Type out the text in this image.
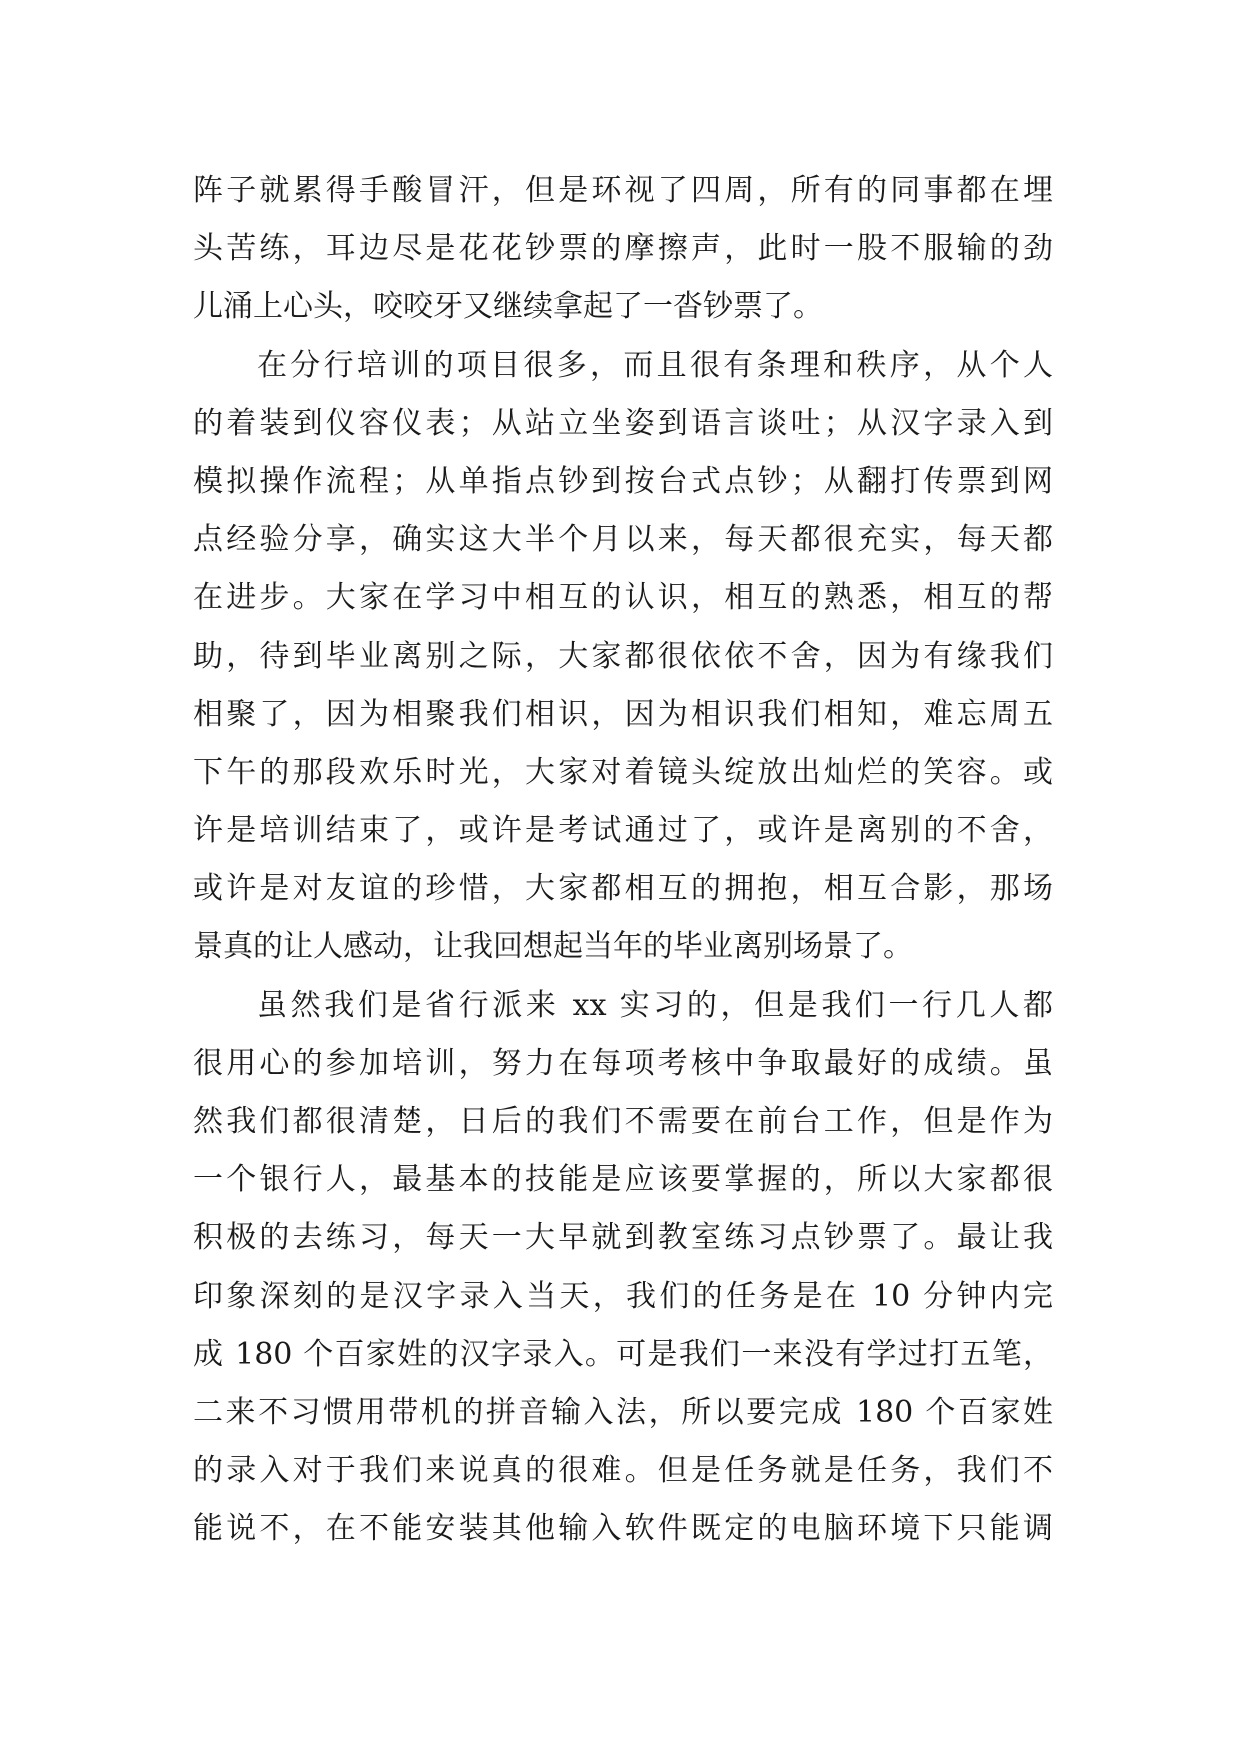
阵子就累得手酸冒汗，但是环视了四周，所有的同事都在埋
头苦练，耳边尽是花花钞票的摩擦声，此时一股不服输的劲
儿涌上心头，咬咬牙又继续拿起了一沓钞票了。
在分行培训的项目很多，而且很有条理和秩序，从个人
的着装到仪容仪表；从站立坐姿到语言谈吐；从汉字录入到
模拟操作流程；从单指点钞到按台式点钞；从翻打传票到网
点经验分享，确实这大半个月以来，每天都很充实，每天都
在进步。大家在学习中相互的认识，相互的熟悉，相互的帮
助，待到毕业离别之际，大家都很依依不舍，因为有缘我们
相聚了，因为相聚我们相识，因为相识我们相知，难忘周五
下午的那段欢乐时光，大家对着镜头绽放出灿烂的笑容。或
许是培训结束了，或许是考试通过了，或许是离别的不舍，
或许是对友谊的珍惜，大家都相互的拥抱，相互合影，那场
景真的让人感动，让我回想起当年的毕业离别场景了。
虽然我们是省行派来 xx 实习的，但是我们一行几人都
很用心的参加培训，努力在每项考核中争取最好的成绩。虽
然我们都很清楚，日后的我们不需要在前台工作，但是作为
一个银行人，最基本的技能是应该要掌握的，所以大家都很
积极的去练习，每天一大早就到教室练习点钞票了。最让我
印象深刻的是汉字录入当天，我们的任务是在 10 分钟内完
成 180 个百家姓的汉字录入。可是我们一来没有学过打五笔，
二来不习惯用带机的拼音输入法，所以要完成 180 个百家姓
的录入对于我们来说真的很难。但是任务就是任务，我们不
能说不，在不能安装其他输入软件既定的电脑环境下只能调
